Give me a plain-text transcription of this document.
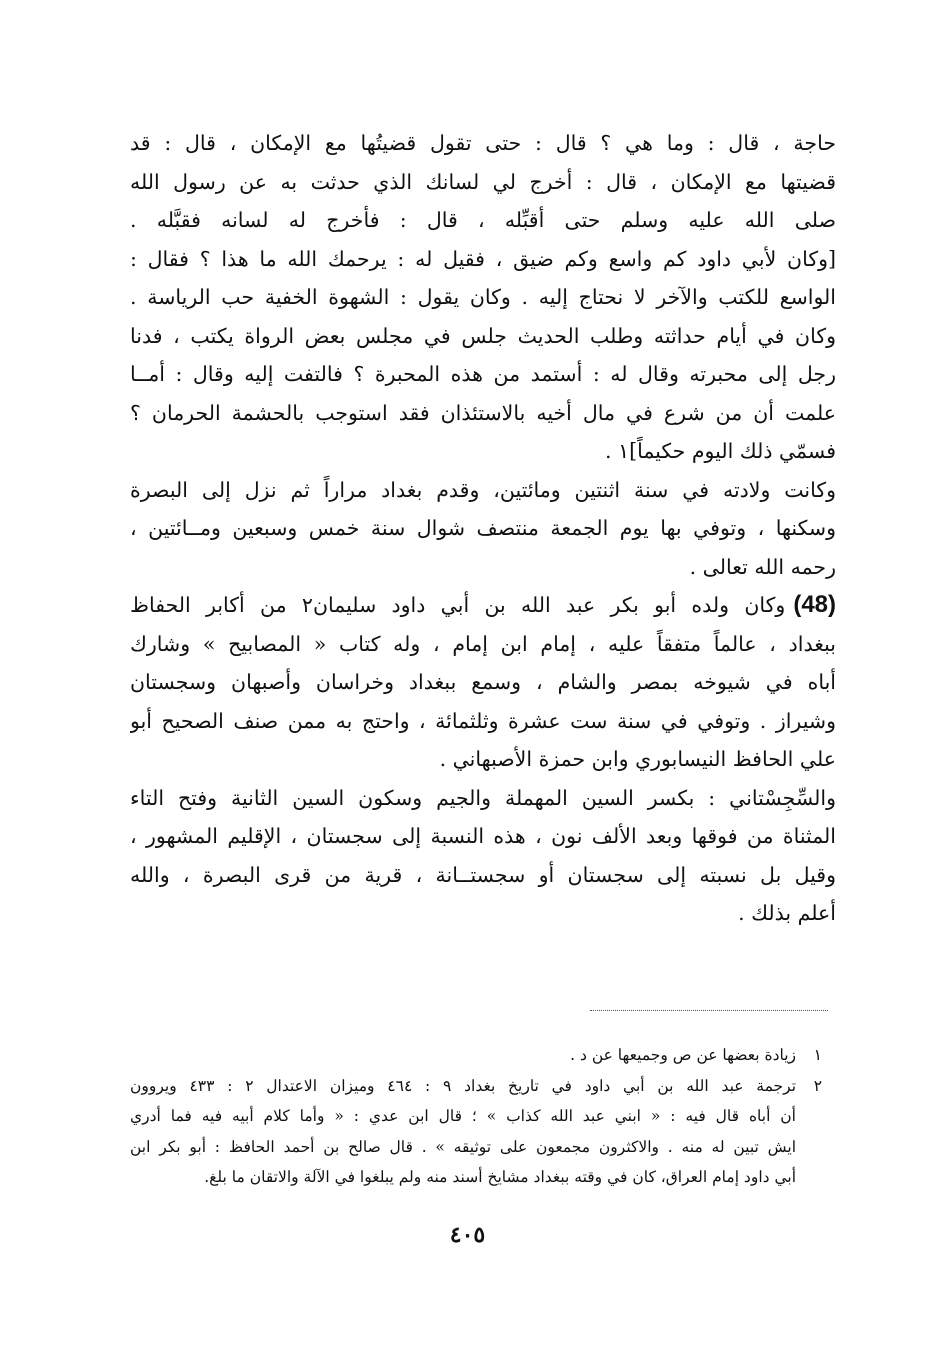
حاجة ، قال : وما هي ؟ قال : حتى تقول قضيتُها مع الإمكان ، قال : قد
قضيتها مع الإمكان ، قال : أخرج لي لسانك الذي حدثت به عن رسول الله
صلى الله عليه وسلم حتى أقبِّله ، قال : فأخرج له لسانه فقبَّله .
[وكان لأبي داود كم واسع وكم ضيق ، فقيل له : يرحمك الله ما هذا ؟ فقال :
الواسع للكتب والآخر لا نحتاج إليه . وكان يقول : الشهوة الخفية حب الرياسة .
وكان في أيام حداثته وطلب الحديث جلس في مجلس بعض الرواة يكتب ، فدنا
رجل إلى محبرته وقال له : أستمد من هذه المحبرة ؟ فالتفت إليه وقال : أمــا
علمت أن من شرع في مال أخيه بالاستئذان فقد استوجب بالحشمة الحرمان ؟
فسمّي ذلك اليوم حكيماً]١ .
وكانت ولادته في سنة اثنتين ومائتين، وقدم بغداد مراراً ثم نزل إلى البصرة
وسكنها ، وتوفي بها يوم الجمعة منتصف شوال سنة خمس وسبعين ومــائتين ،
رحمه الله تعالى .
(48)وكان ولده أبو بكر عبد الله بن أبي داود سليمان٢ من أكابر الحفاظ
ببغداد ، عالماً متفقاً عليه ، إمام ابن إمام ، وله كتاب « المصابيح » وشارك
أباه في شيوخه بمصر والشام ، وسمع ببغداد وخراسان وأصبهان وسجستان
وشيراز . وتوفي في سنة ست عشرة وثلثمائة ، واحتج به ممن صنف الصحيح أبو
علي الحافظ النيسابوري وابن حمزة الأصبهاني .
والسِّجِسْتاني : بكسر السين المهملة والجيم وسكون السين الثانية وفتح التاء
المثناة من فوقها وبعد الألف نون ، هذه النسبة إلى سجستان ، الإقليم المشهور ،
وقيل بل نسبته إلى سجستان أو سجستــانة ، قرية من قرى البصرة ، والله
أعلم بذلك .
١زيادة بعضها عن ص وجميعها عن د .
٢ترجمة عبد الله بن أبي داود في تاريخ بغداد ٩ : ٤٦٤ وميزان الاعتدال ٢ : ٤٣٣ ويروون
أن أباه قال فيه : « ابني عبد الله كذاب » ؛ قال ابن عدي : « وأما كلام أبيه فيه فما أدري
ايش تبين له منه . والاكثرون مجمعون على توثيقه » . قال صالح بن أحمد الحافظ : أبو بكر ابن
أبي داود إمام العراق، كان في وقته ببغداد مشايخ أسند منه ولم يبلغوا في الآلة والاتقان ما بلغ.
٤٠٥
